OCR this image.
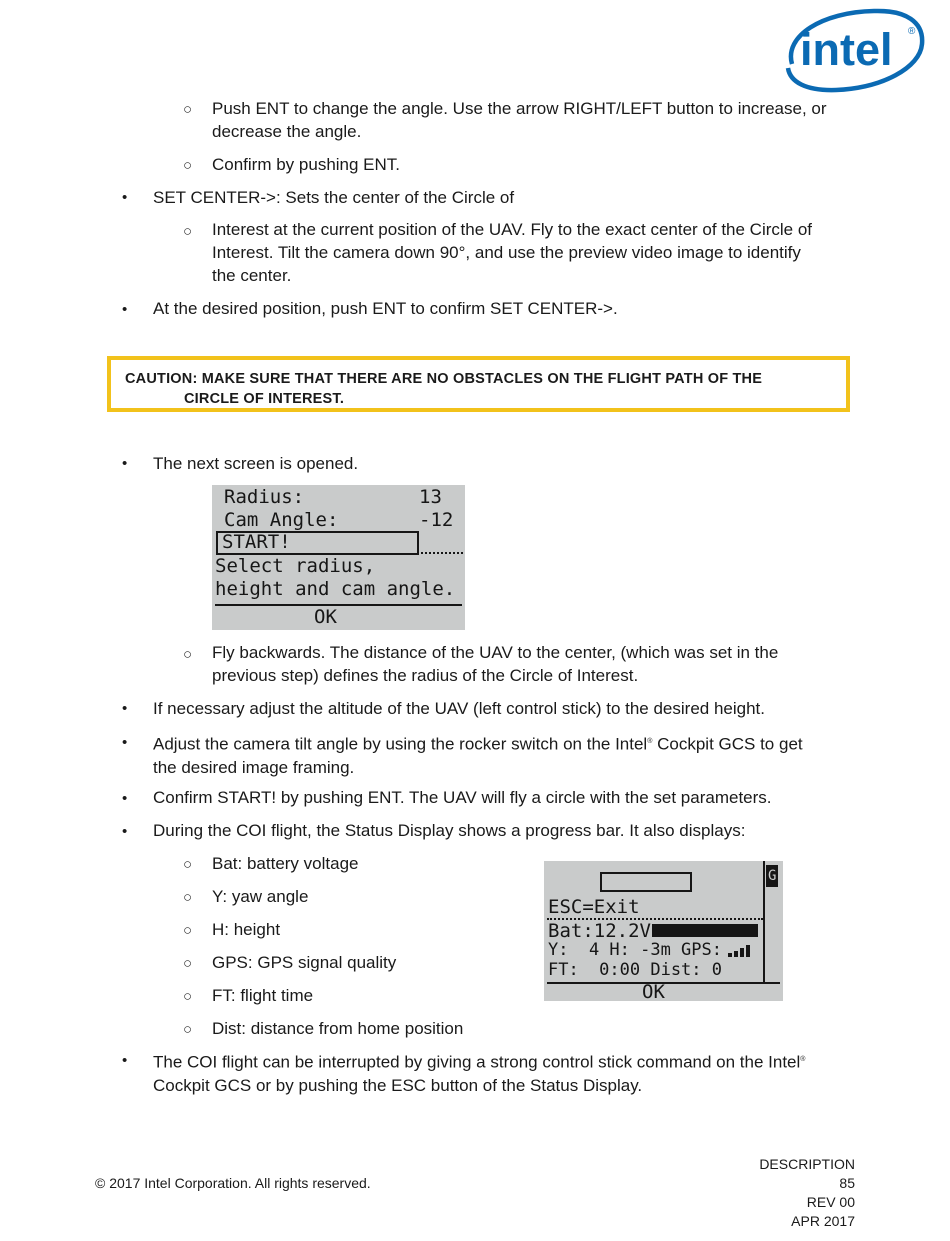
intel ®
○ Push ENT to change the angle. Use the arrow RIGHT/LEFT button to increase, or
decrease the angle.
○ Confirm by pushing ENT.
• SET CENTER->: Sets the center of the Circle of
○ Interest at the current position of the UAV. Fly to the exact center of the Circle of
Interest. Tilt the camera down 90°, and use the preview video image to identify
the center.
• At the desired position, push ENT to confirm SET CENTER->.
CAUTION: MAKE SURE THAT THERE ARE NO OBSTACLES ON THE FLIGHT PATH OF THE
CIRCLE OF INTEREST.
• The next screen is opened.
Radius:	13
Cam Angle:	-12
START!
Select radius,
height and cam angle.
OK
○ Fly backwards. The distance of the UAV to the center, (which was set in the
previous step) defines the radius of the Circle of Interest.
• If necessary adjust the altitude of the UAV (left control stick) to the desired height.
• Adjust the camera tilt angle by using the rocker switch on the Intel® Cockpit GCS to get
the desired image framing.
• Confirm START! by pushing ENT. The UAV will fly a circle with the set parameters.
• During the COI flight, the Status Display shows a progress bar. It also displays:
○ Bat: battery voltage
○ Y: yaw angle
○ H: height
○ GPS: GPS signal quality
○ FT: flight time
○ Dist: distance from home position
G
ESC=Exit
Bat:12.2V
Y:  4 H: -3m GPS:
FT:  0:00 Dist: 0
OK
• The COI flight can be interrupted by giving a strong control stick command on the Intel®
Cockpit GCS or by pushing the ESC button of the Status Display.
© 2017 Intel Corporation. All rights reserved.
DESCRIPTION
85
REV 00
APR 2017
